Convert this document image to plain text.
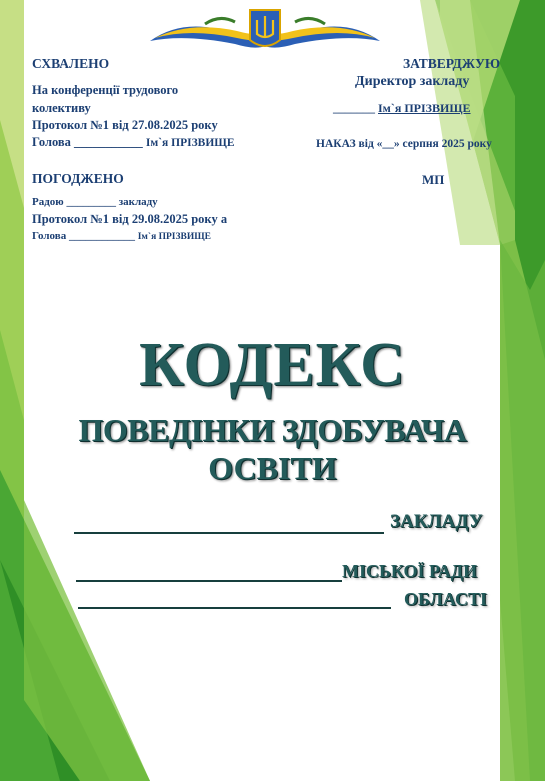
СХВАЛЕНО
На конференції трудового
колективу
Протокол №1 від 27.08.2025 року
Голова ___________ Ім`я ПРІЗВИЩЕ
ЗАТВЕРДЖУЮ
Директор закладу
_______ Ім`я ПРІЗВИЩЕ
НАКАЗ від «__» серпня 2025 року
МП
ПОГОДЖЕНО
Радою _________ закладу
Протокол №1 від 29.08.2025 року а
Голова ____________ Ім`я ПРІЗВИЩЕ
КОДЕКС
ПОВЕДІНКИ ЗДОБУВАЧА
ОСВІТИ
ЗАКЛАДУ
МІСЬКОЇ РАДИ
ОБЛАСТІ
